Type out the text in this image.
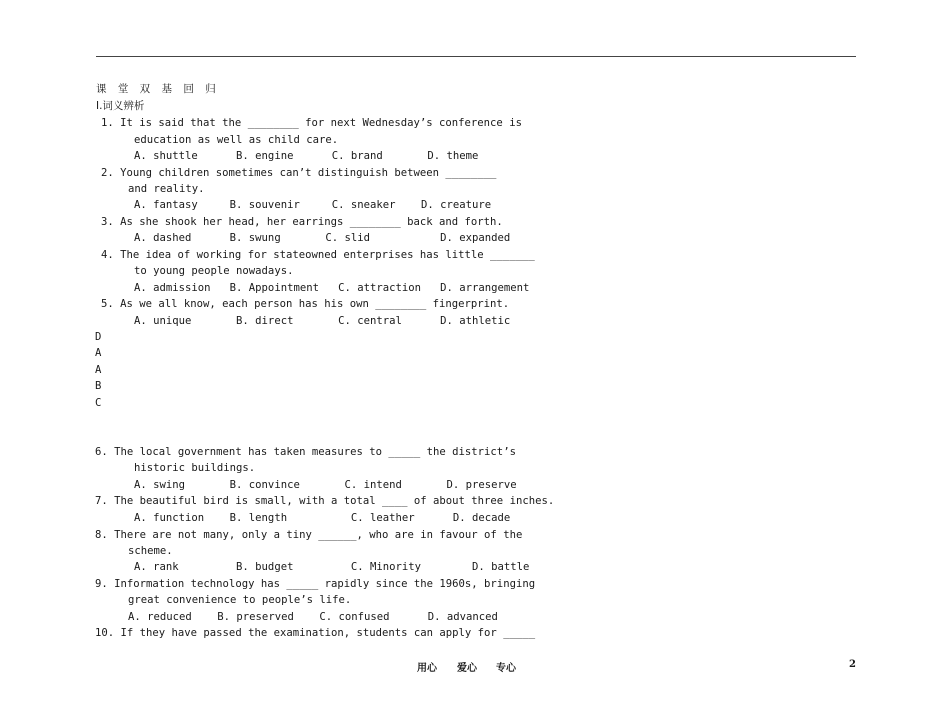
课 堂 双 基 回 归
Ⅰ.词义辨析
1. It is said that the ________ for next Wednesday’s conference is
education as well as child care.
A. shuttle      B. engine      C. brand       D. theme
2. Young children sometimes can’t distinguish between ________
and reality.
A. fantasy     B. souvenir     C. sneaker    D. creature
3. As she shook her head, her earrings ________ back and forth.
A. dashed      B. swung       C. slid           D. expanded
4. The idea of working for stateowned enterprises has little _______
to young people nowadays.
A. admission   B. Appointment   C. attraction   D. arrangement
5. As we all know, each person has his own ________ fingerprint.
A. unique       B. direct       C. central      D. athletic
D
A
A
B
C
6. The local government has taken measures to _____ the district’s
historic buildings.
A. swing       B. convince       C. intend       D. preserve
7. The beautiful bird is small, with a total ____ of about three inches.
A. function    B. length          C. leather      D. decade
8. There are not many, only a tiny ______, who are in favour of the
scheme.
A. rank         B. budget         C. Minority        D. battle
9. Information technology has _____ rapidly since the 1960s, bringing
great convenience to people’s life.
A. reduced    B. preserved    C. confused      D. advanced
10. If they have passed the examination, students can apply for _____
用心 爱心 专心	2
